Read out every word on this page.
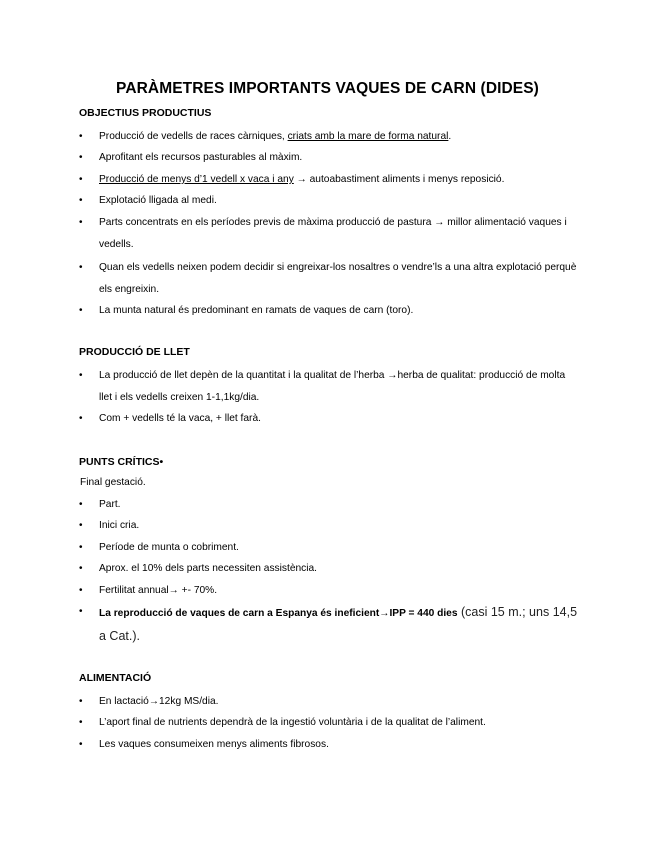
PARÀMETRES IMPORTANTS VAQUES DE CARN (DIDES)
OBJECTIUS PRODUCTIUS
• Producció de vedells de races càrniques, criats amb la mare de forma natural.
• Aprofitant els recursos pasturables al màxim.
• Producció de menys d’1 vedell x vaca i any → autoabastiment aliments i menys reposició.
• Explotació lligada al medi.
• Parts concentrats en els períodes previs de màxima producció de pastura → millor alimentació vaques i vedells.
• Quan els vedells neixen podem decidir si engreixar-los nosaltres o vendre’ls a una altra explotació perquè els engreixin.
• La munta natural és predominant en ramats de vaques de carn (toro).
PRODUCCIÓ DE LLET
• La producció de llet depèn de la quantitat i la qualitat de l’herba →herba de qualitat: producció de molta llet i els vedells creixen 1-1,1kg/dia.
• Com + vedells té la vaca, + llet farà.
PUNTS CRÍTICS•
Final gestació.
• Part.
• Inici cria.
• Període de munta o cobriment.
• Aprox. el 10% dels parts necessiten assistència.
• Fertilitat annual→ +- 70%.
• La reproducció de vaques de carn a Espanya és ineficient→IPP = 440 dies (casi 15 m.; uns 14,5 a Cat.).
ALIMENTACIÓ
• En lactació→12kg MS/dia.
• L’aport final de nutrients dependrà de la ingestió voluntària i de la qualitat de l’aliment.
• Les vaques consumeixen menys aliments fibrosos.
